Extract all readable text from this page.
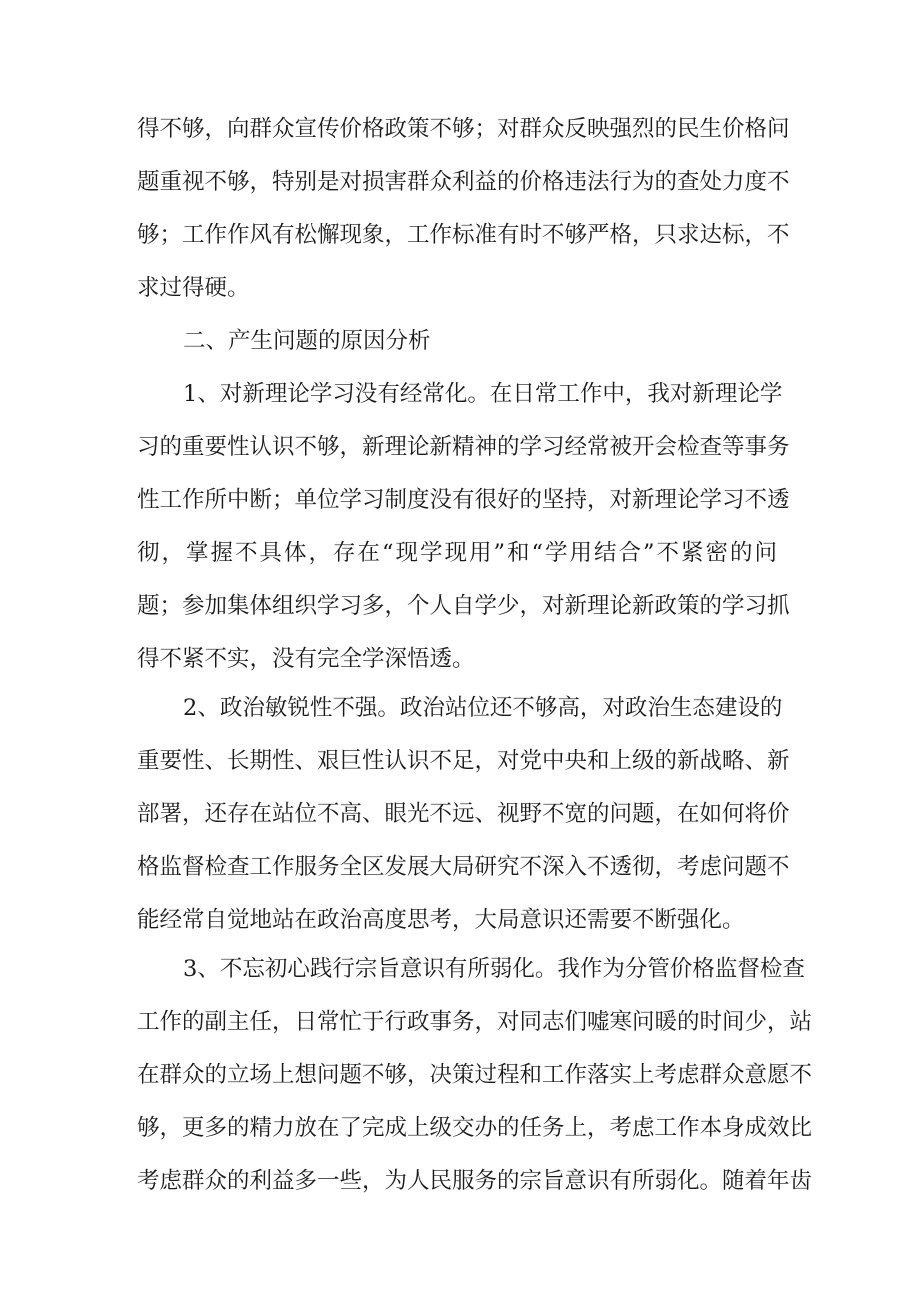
得不够，向群众宣传价格政策不够；对群众反映强烈的民生价格问
题重视不够，特别是对损害群众利益的价格违法行为的查处力度不
够；工作作风有松懈现象，工作标准有时不够严格，只求达标，不
求过得硬。
二、产生问题的原因分析
1、对新理论学习没有经常化。在日常工作中，我对新理论学
习的重要性认识不够，新理论新精神的学习经常被开会检查等事务
性工作所中断；单位学习制度没有很好的坚持，对新理论学习不透
彻，掌握不具体，存在“现学现用”和“学用结合”不紧密的问
题；参加集体组织学习多，个人自学少，对新理论新政策的学习抓
得不紧不实，没有完全学深悟透。
2、政治敏锐性不强。政治站位还不够高，对政治生态建设的
重要性、长期性、艰巨性认识不足，对党中央和上级的新战略、新
部署，还存在站位不高、眼光不远、视野不宽的问题，在如何将价
格监督检查工作服务全区发展大局研究不深入不透彻，考虑问题不
能经常自觉地站在政治高度思考，大局意识还需要不断强化。
3、不忘初心践行宗旨意识有所弱化。我作为分管价格监督检查
工作的副主任，日常忙于行政事务，对同志们嘘寒问暖的时间少，站
在群众的立场上想问题不够，决策过程和工作落实上考虑群众意愿不
够，更多的精力放在了完成上级交办的任务上，考虑工作本身成效比
考虑群众的利益多一些，为人民服务的宗旨意识有所弱化。随着年齿
